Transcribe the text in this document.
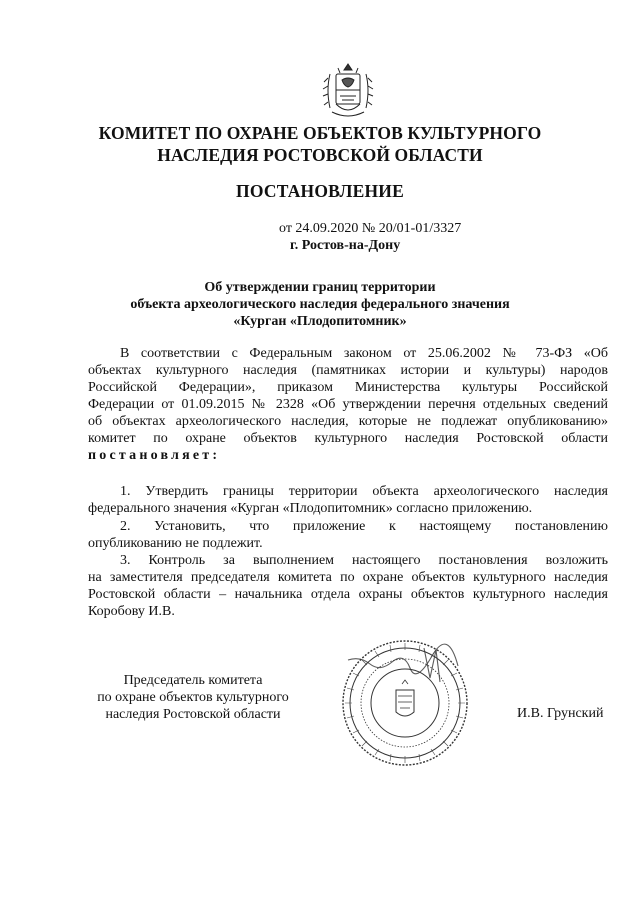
КОМИТЕТ ПО ОХРАНЕ ОБЪЕКТОВ КУЛЬТУРНОГО
НАСЛЕДИЯ РОСТОВСКОЙ ОБЛАСТИ
ПОСТАНОВЛЕНИЕ
от 24.09.2020 № 20/01-01/3327
г. Ростов-на-Дону
Об утверждении границ территории
объекта археологического наследия федерального значения
«Курган «Плодопитомник»
В соответствии с Федеральным законом от 25.06.2002 № 73-ФЗ «Об
объектах культурного наследия (памятниках истории и культуры) народов
Российской Федерации», приказом Министерства культуры Российской
Федерации от 01.09.2015 № 2328 «Об утверждении перечня отдельных сведений
об объектах археологического наследия, которые не подлежат опубликованию»
комитет по охране объектов культурного наследия Ростовской области
постановляет:
1. Утвердить границы территории объекта археологического наследия
федерального значения «Курган «Плодопитомник» согласно приложению.
2. Установить, что приложение к настоящему постановлению
опубликованию не подлежит.
3. Контроль за выполнением настоящего постановления возложить
на заместителя председателя комитета по охране объектов культурного наследия
Ростовской области – начальника отдела охраны объектов культурного наследия
Коробову И.В.
Председатель комитета
по охране объектов культурного
наследия Ростовской области	И.В. Грунский
